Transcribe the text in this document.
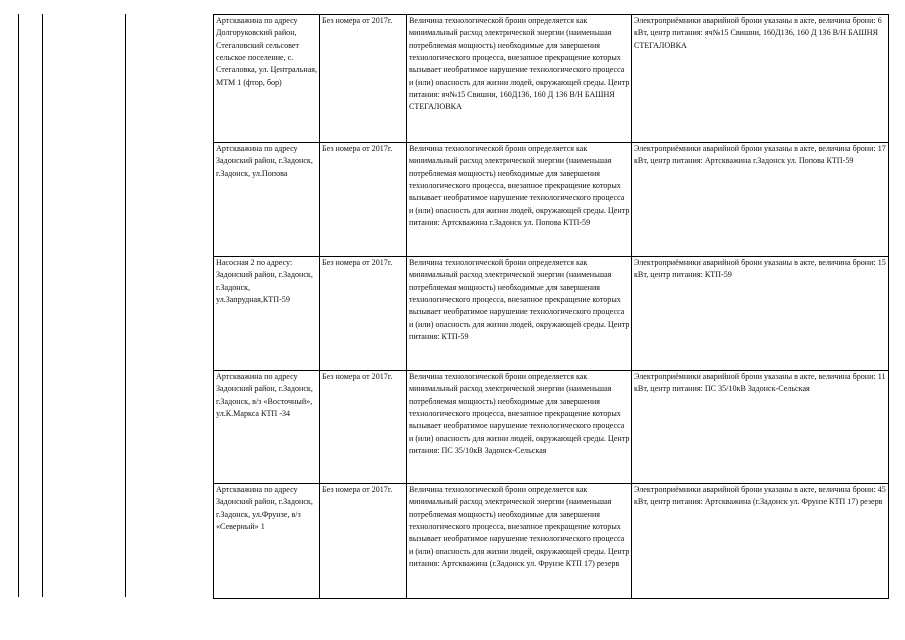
Артскважина по адресу Долгоруковский район, Стегаловский сельсовет сельское поселение, с. Стегаловка, ул. Центральная, МТМ 1 (фтор, бор)	Без номера от 2017г.	Величина технологической брони определяется как минимальный расход электрической энергии (наименьшая потребляемая мощность) необходимые для завершения технологического процесса, внезапное прекращение которых вызывает необратимое нарушение технологического процесса и (или) опасность для жизни людей, окружающей среды. Центр питания: яч№15 Свишни, 160Д136, 160 Д 136 В/Н БАШНЯ СТЕГАЛОВКА	Электроприёмники аварийной брони указаны в акте, величина брони: 6 кВт, центр питания: яч№15 Свишни, 160Д136, 160 Д 136 В/Н БАШНЯ СТЕГАЛОВКА
Артскважина по адресу Задонский район, г.Задонск, г.Задонск, ул.Попова	Без номера от 2017г.	Величина технологической брони определяется как минимальный расход электрической энергии (наименьшая потребляемая мощность) необходимые для завершения технологического процесса, внезапное прекращение которых вызывает необратимое нарушение технологического процесса и (или) опасность для жизни людей, окружающей среды. Центр питания: Артскважина г.Задонск ул. Попова КТП-59	Электроприёмники аварийной брони указаны в акте, величина брони: 17 кВт, центр питания: Артскважина г.Задонск ул. Попова КТП-59
Насосная 2 по адресу: Задонский район, г.Задонск, г.Задонск, ул.Запрудная,КТП-59	Без номера от 2017г.	Величина технологической брони определяется как минимальный расход электрической энергии (наименьшая потребляемая мощность) необходимые для завершения технологического процесса, внезапное прекращение которых вызывает необратимое нарушение технологического процесса и (или) опасность для жизни людей, окружающей среды. Центр питания: КТП-59	Электроприёмники аварийной брони указаны в акте, величина брони: 15 кВт, центр питания: КТП-59
Артскважина по адресу Задонский район, г.Задонск, г.Задонск, в/з «Восточный», ул.К.Маркса КТП -34	Без номера от 2017г.	Величина технологической брони определяется как минимальный расход электрической энергии (наименьшая потребляемая мощность) необходимые для завершения технологического процесса, внезапное прекращение которых вызывает необратимое нарушение технологического процесса и (или) опасность для жизни людей, окружающей среды. Центр питания: ПС 35/10кВ Задонск-Сельская	Электроприёмники аварийной брони указаны в акте, величина брони: 11 кВт, центр питания: ПС 35/10кВ Задонск-Сельская
Артскважина по адресу Задонский район, г.Задонск, г.Задонск, ул.Фрунзе, в/з «Северный» 1	Без номера от 2017г.	Величина технологической брони определяется как минимальный расход электрической энергии (наименьшая потребляемая мощность) необходимые для завершения технологического процесса, внезапное прекращение которых вызывает необратимое нарушение технологического процесса и (или) опасность для жизни людей, окружающей среды. Центр питания: Артскважина (г.Задонск ул. Фрунзе КТП 17) резерв	Электроприёмники аварийной брони указаны в акте, величина брони: 45 кВт, центр питания: Артскважина (г.Задонск ул. Фрунзе КТП 17) резерв
